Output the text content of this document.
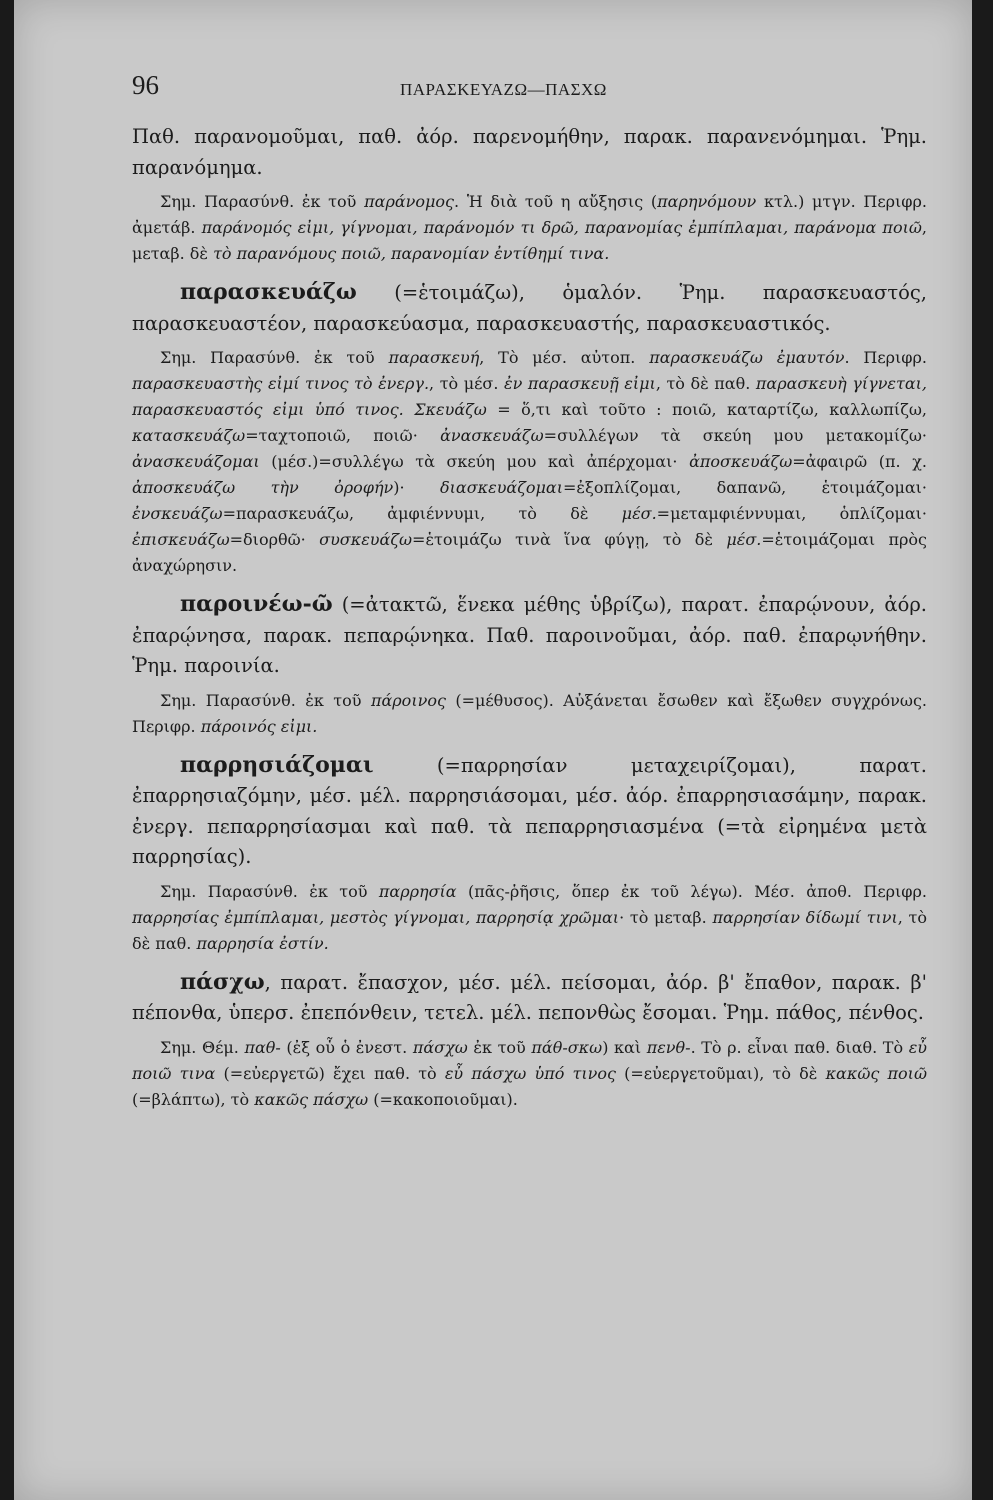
96	ΠΑΡΑΣΚΕΥΑΖΩ—ΠΑΣΧΩ

Παθ. παρανομοῦμαι, παθ. ἀόρ. παρενομήθην, παρακ. παρανενόμημαι. Ῥημ. παρανόμημα.

Σημ. Παρασύνθ. ἐκ τοῦ παράνομος. Ἡ διὰ τοῦ η αὔξησις (παρηνόμουν κτλ.) μτγν. Περιφρ. ἀμετάβ. παράνομός εἰμι, γίγνομαι, παράνομόν τι δρῶ, παρανομίας ἐμπίπλαμαι, παράνομα ποιῶ, μεταβ. δὲ τὸ παρανόμους ποιῶ, παρανομίαν ἐντίθημί τινα.

παρασκευάζω (=ἑτοιμάζω), ὁμαλόν. Ῥημ. παρασκευαστός, παρασκευαστέον, παρασκεύασμα, παρασκευαστής, παρασκευαστικός.

Σημ. Παρασύνθ. ἐκ τοῦ παρασκευή, Τὸ μέσ. αὐτοπ. παρασκευάζω ἐμαυτόν. Περιφρ. παρασκευαστὴς εἰμί τινος τὸ ἐνεργ., τὸ μέσ. ἐν παρασκευῇ εἰμι, τὸ δὲ παθ. παρασκευὴ γίγνεται, παρασκευαστός εἰμι ὑπό τινος. Σκευάζω = ὅ,τι καὶ τοῦτο : ποιῶ, καταρτίζω, καλλωπίζω, κατασκευάζω=ταχτοποιῶ, ποιῶ· ἀνασκευάζω=συλλέγων τὰ σκεύη μου μετακομίζω· ἀνασκευάζομαι (μέσ.)=συλλέγω τὰ σκεύη μου καὶ ἀπέρχομαι· ἀποσκευάζω=ἀφαιρῶ (π. χ. ἀποσκευάζω τὴν ὀροφήν)· διασκευάζομαι=ἐξοπλίζομαι, δαπανῶ, ἑτοιμάζομαι· ἐνσκευάζω=παρασκευάζω, ἀμφιέννυμι, τὸ δὲ μέσ.=μεταμφιέννυμαι, ὁπλίζομαι· ἐπισκευάζω=διορθῶ· συσκευάζω=ἑτοιμάζω τινὰ ἵνα φύγῃ, τὸ δὲ μέσ.=ἑτοιμάζομαι πρὸς ἀναχώρησιν.

παροινέω-ῶ (=ἀτακτῶ, ἕνεκα μέθης ὑβρίζω), παρατ. ἐπαρῴνουν, ἀόρ. ἐπαρῴνησα, παρακ. πεπαρῴνηκα. Παθ. παροινοῦμαι, ἀόρ. παθ. ἐπαρῳνήθην. Ῥημ. παροινία.

Σημ. Παρασύνθ. ἐκ τοῦ πάροινος (=μέθυσος). Αὐξάνεται ἔσωθεν καὶ ἔξωθεν συγχρόνως. Περιφρ. πάροινός εἰμι.

παρρησιάζομαι (=παρρησίαν μεταχειρίζομαι), παρατ. ἐπαρρησιαζόμην, μέσ. μέλ. παρρησιάσομαι, μέσ. ἀόρ. ἐπαρρησιασάμην, παρακ. ἐνεργ. πεπαρρησίασμαι καὶ παθ. τὰ πεπαρρησιασμένα (=τὰ εἰρημένα μετὰ παρρησίας).

Σημ. Παρασύνθ. ἐκ τοῦ παρρησία (πᾶς-ῥῆσις, ὅπερ ἐκ τοῦ λέγω). Μέσ. ἀποθ. Περιφρ. παρρησίας ἐμπίπλαμαι, μεστὸς γίγνομαι, παρρησίᾳ χρῶμαι· τὸ μεταβ. παρρησίαν δίδωμί τινι, τὸ δὲ παθ. παρρησία ἐστίν.

πάσχω, παρατ. ἔπασχον, μέσ. μέλ. πείσομαι, ἀόρ. β' ἔπαθον, παρακ. β' πέπονθα, ὑπερσ. ἐπεπόνθειν, τετελ. μέλ. πεπονθὼς ἔσομαι. Ῥημ. πάθος, πένθος.

Σημ. Θέμ. παθ- (ἐξ οὗ ὁ ἐνεστ. πάσχω ἐκ τοῦ πάθ-σκω) καὶ πενθ-. Τὸ ρ. εἶναι παθ. διαθ. Τὸ εὖ ποιῶ τινα (=εὐεργετῶ) ἔχει παθ. τὸ εὖ πάσχω ὑπό τινος (=εὐεργετοῦμαι), τὸ δὲ κακῶς ποιῶ (=βλάπτω), τὸ κακῶς πάσχω (=κακοποιοῦμαι).
